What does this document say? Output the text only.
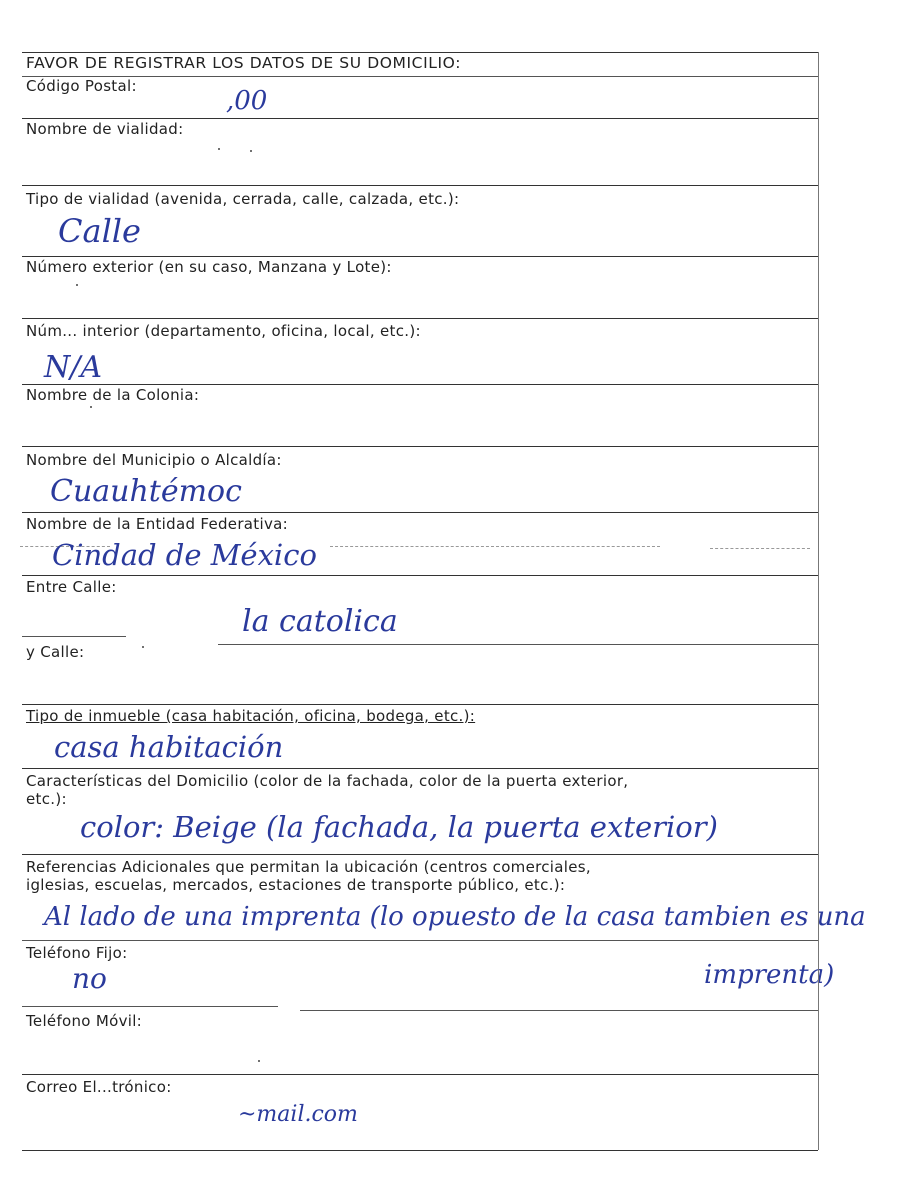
FAVOR DE REGISTRAR LOS DATOS DE SU DOMICILIO:
Código Postal:	,00
Nombre de vialidad:
Tipo de vialidad (avenida, cerrada, calle, calzada, etc.):
Calle
Número exterior (en su caso, Manzana y Lote):
Núm... interior (departamento, oficina, local, etc.):
N/A
Nombre de la Colonia:
Nombre del Municipio o Alcaldía:
Cuauhtémoc
Nombre de la Entidad Federativa:
Cindad de México
Entre Calle:
la catolica
y Calle:
Tipo de inmueble (casa habitación, oficina, bodega, etc.):
casa habitación
Características del Domicilio (color de la fachada, color de la puerta exterior,
etc.):
color: Beige (la fachada, la puerta exterior)
Referencias Adicionales que permitan la ubicación (centros comerciales,
iglesias, escuelas, mercados, estaciones de transporte público, etc.):
Al lado de una imprenta (lo opuesto de la casa tambien es una
Teléfono Fijo:
no	imprenta)
Teléfono Móvil:
Correo El...trónico:
~mail.com
